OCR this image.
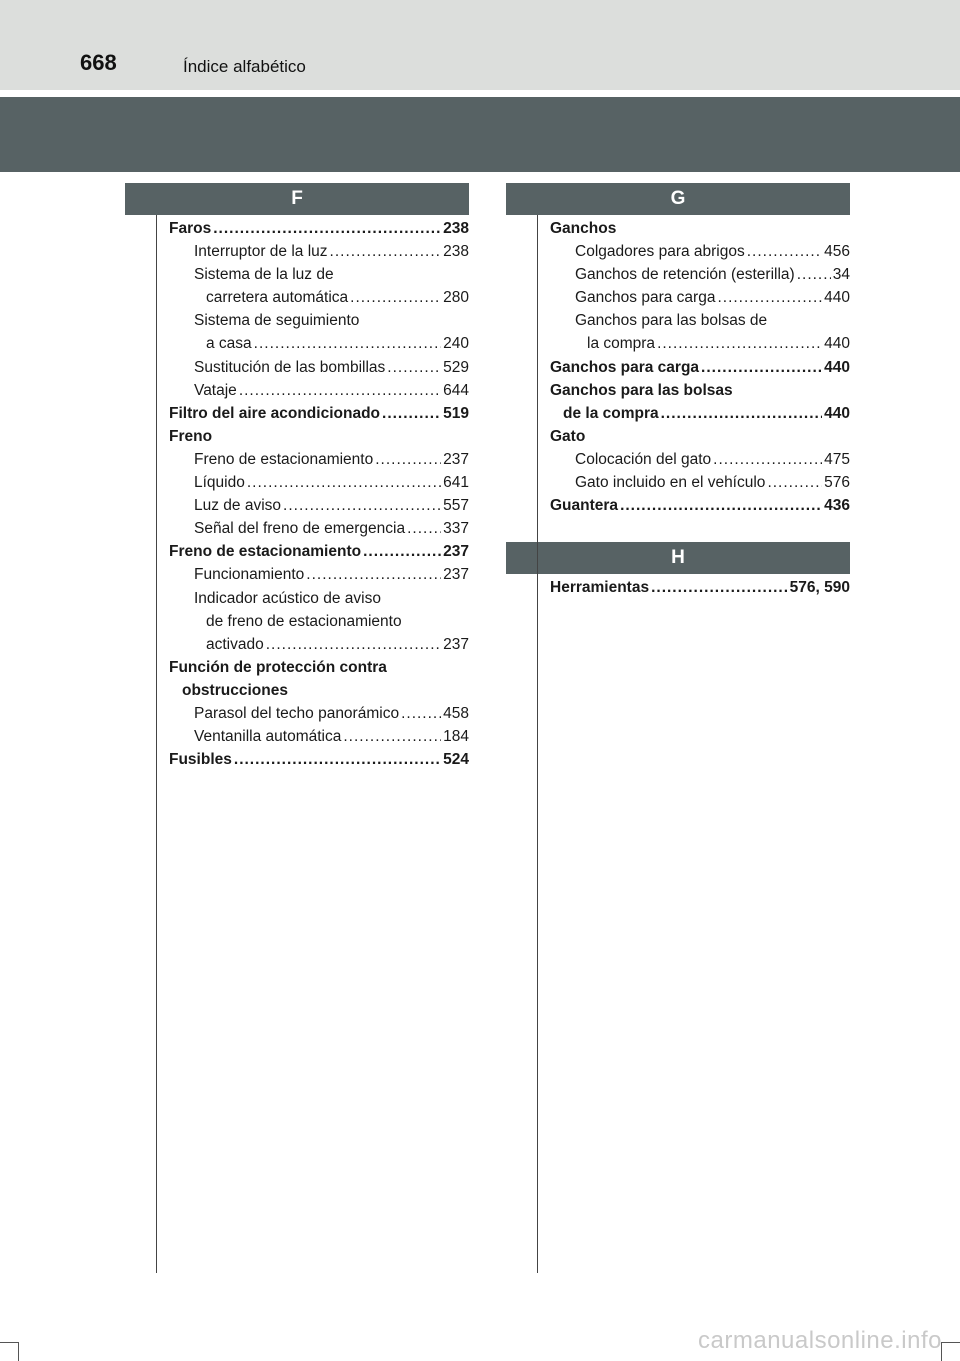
668	Índice alfabético
F	G
H
Faros .....	238
Interruptor de la luz .....	238
Sistema de la luz de
carretera automática .....	280
Sistema de seguimiento
a casa .....	240
Sustitución de las bombillas .....	529
Vataje .....	644
Filtro del aire acondicionado .....	519
Freno
Freno de estacionamiento .....	237
Líquido .....	641
Luz de aviso .....	557
Señal del freno de emergencia ..... 337
Freno de estacionamiento .....	237
Funcionamiento .....	237
Indicador acústico de aviso
de freno de estacionamiento
activado .....	237
Función de protección contra
obstrucciones
Parasol del techo panorámico .....	458
Ventanilla automática .....	184
Fusibles .....	524
Ganchos
Colgadores para abrigos .....	456
Ganchos de retención (esterilla) ..... 34
Ganchos para carga .....	440
Ganchos para las bolsas de
la compra .....	440
Ganchos para carga .....	440
Ganchos para las bolsas
de la compra .....	440
Gato
Colocación del gato .....	475
Gato incluido en el vehículo .....	576
Guantera .....	436
Herramientas .....	576, 590
carmanualsonline.info
